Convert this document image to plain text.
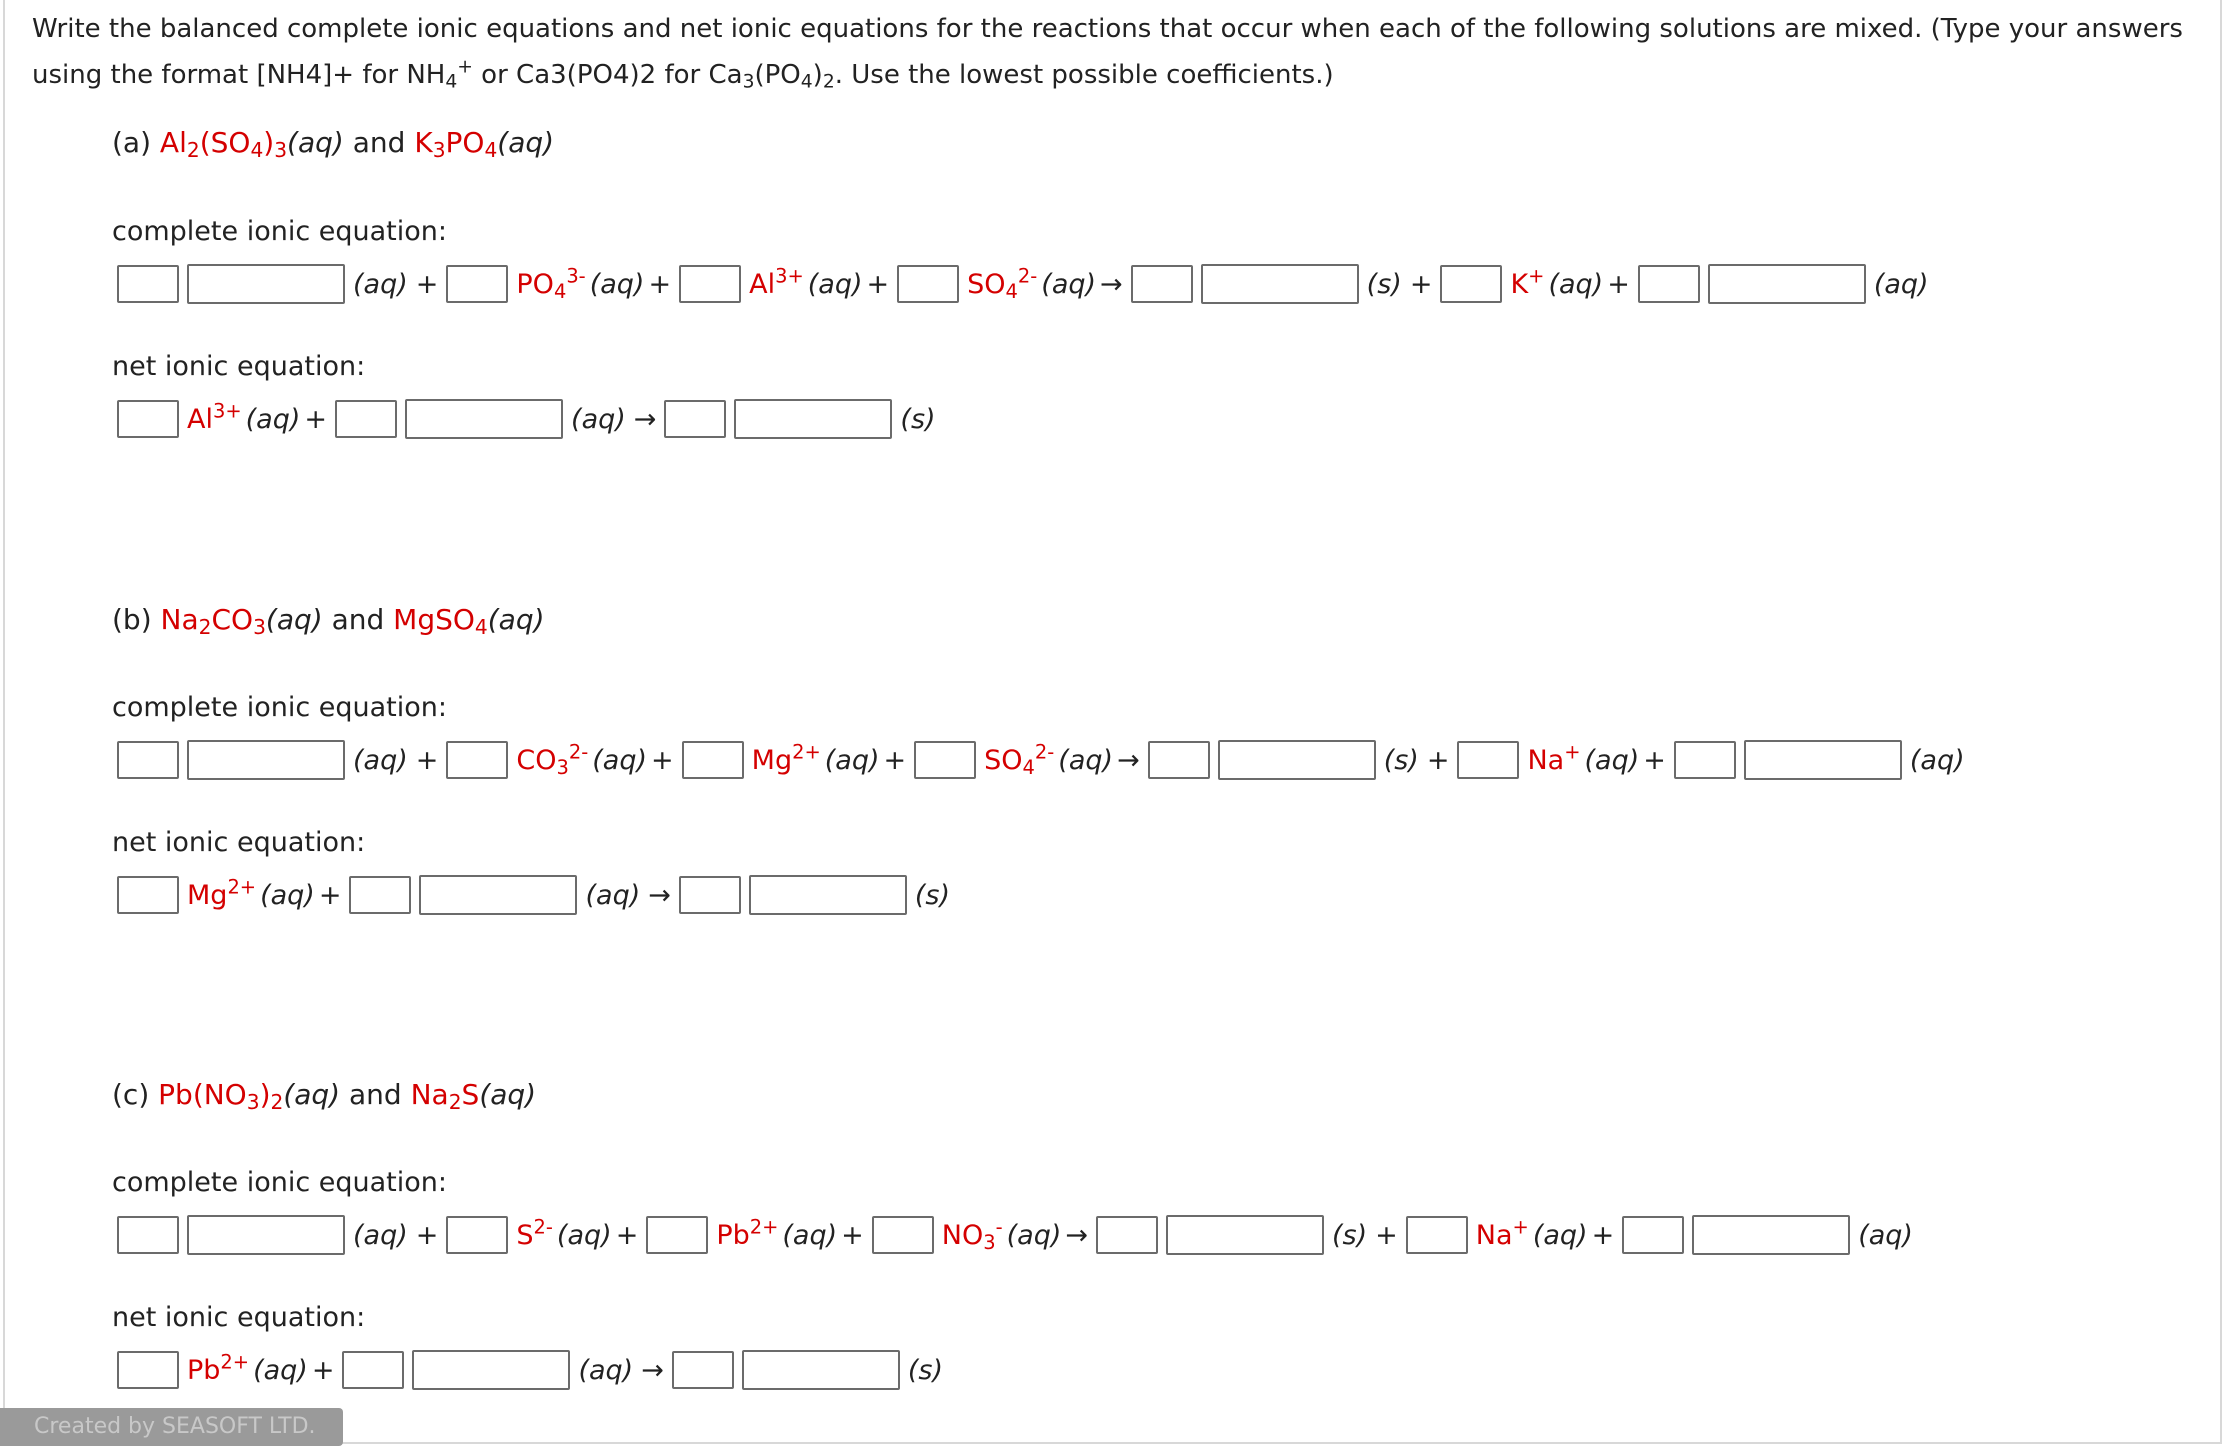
Write the balanced complete ionic equations and net ionic equations for the reactions that occur when each of the following solutions are mixed. (Type your answers
using the format [NH4]+ for $NH_4^+$ or Ca3(PO4)2 for $Ca_3(PO_4)_2$. Use the lowest possible coefficients.)
(a) $Al_2(SO_4)_3(aq)$ and $K_3PO_4(aq)$
complete ionic equation:
(aq) +	$PO_4^{3-}$ (aq) +	$Al^{3+}$ (aq) +	$SO_4^{2-}$ (aq) →	(s) +	K+ (aq) +	(aq)
net ionic equation:
$Al^{3+}$ (aq) +	(aq) →	(s)
(b) $Na_2CO_3(aq)$ and MgSO$_4$(aq)
complete ionic equation:
(aq) +	$CO_3^{2-}$ (aq) +	$Mg^{2+}$ (aq) +	$SO_4^{2-}$ (aq) →	(s) +	Na+ (aq) +	(aq)
net ionic equation:
$Mg^{2+}$ (aq) +	(aq) →	(s)
(c) $Pb(NO_3)_2(aq)$ and $Na_2S(aq)$
complete ionic equation:
(aq) +	$S^{2-}$ (aq) +	$Pb^{2+}$ (aq) +	$NO_3^-$ (aq) →	(s) +	Na+ (aq) +	(aq)
net ionic equation:
$Pb^{2+}$ (aq) +	(aq) →	(s)
Created by SEASOFT LTD.
